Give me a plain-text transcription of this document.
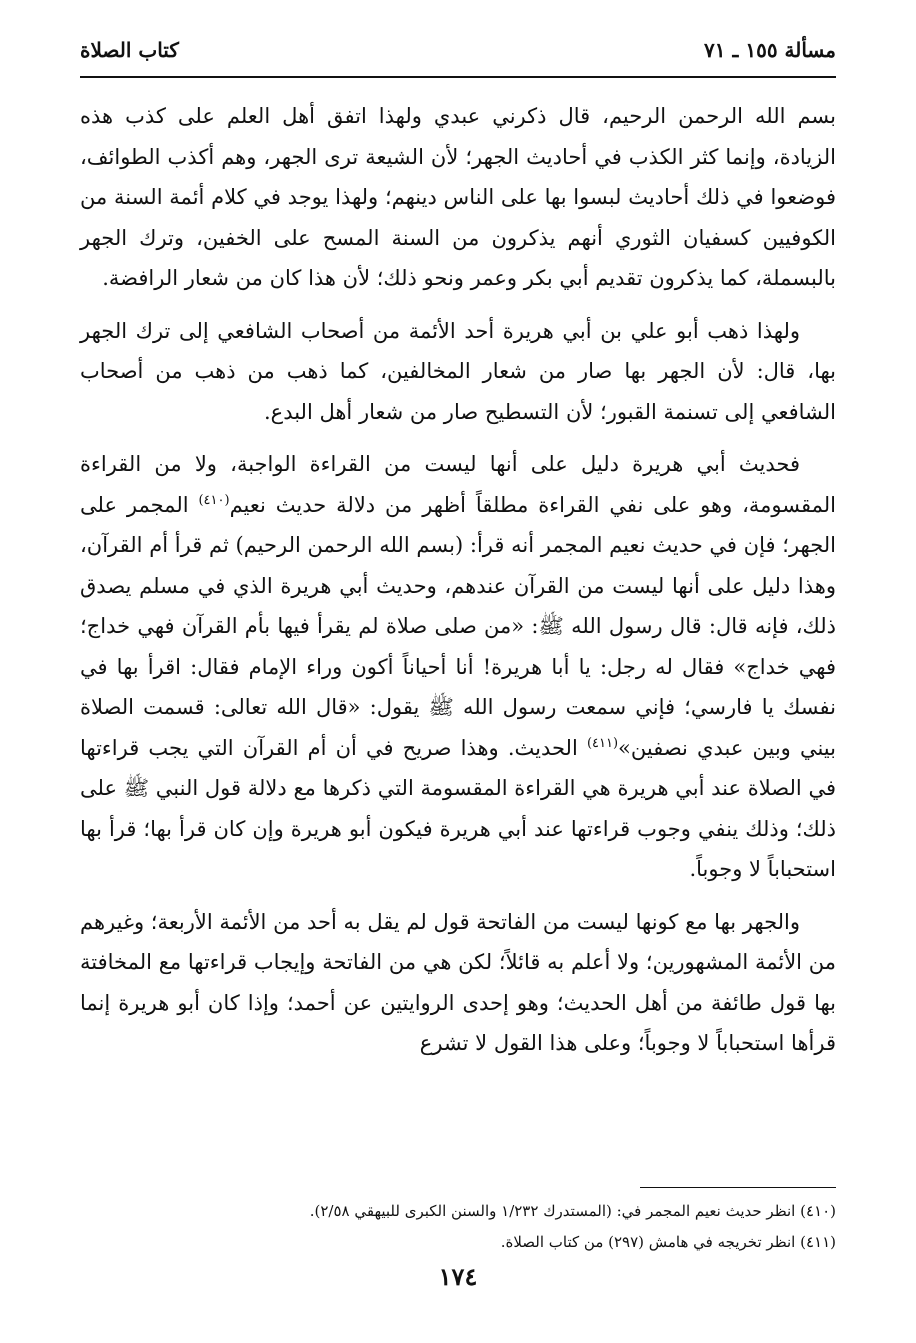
مسألة ١٥٥ ـ ٧١
كتاب الصلاة

بسم الله الرحمن الرحيم، قال ذكرني عبدي ولهذا اتفق أهل العلم على كذب هذه الزيادة، وإنما كثر الكذب في أحاديث الجهر؛ لأن الشيعة ترى الجهر، وهم أكذب الطوائف، فوضعوا في ذلك أحاديث لبسوا بها على الناس دينهم؛ ولهذا يوجد في كلام أئمة السنة من الكوفيين كسفيان الثوري أنهم يذكرون من السنة المسح على الخفين، وترك الجهر بالبسملة، كما يذكرون تقديم أبي بكر وعمر ونحو ذلك؛ لأن هذا كان من شعار الرافضة.

ولهذا ذهب أبو علي بن أبي هريرة أحد الأئمة من أصحاب الشافعي إلى ترك الجهر بها، قال: لأن الجهر بها صار من شعار المخالفين، كما ذهب من ذهب من أصحاب الشافعي إلى تسنمة القبور؛ لأن التسطيح صار من شعار أهل البدع.

فحديث أبي هريرة دليل على أنها ليست من القراءة الواجبة، ولا من القراءة المقسومة، وهو على نفي القراءة مطلقاً أظهر من دلالة حديث نعيم$^{(٤١٠)}$ المجمر على الجهر؛ فإن في حديث نعيم المجمر أنه قرأ: (بسم الله الرحمن الرحيم) ثم قرأ أم القرآن، وهذا دليل على أنها ليست من القرآن عندهم، وحديث أبي هريرة الذي في مسلم يصدق ذلك، فإنه قال: قال رسول الله ﷺ: «من صلى صلاة لم يقرأ فيها بأم القرآن فهي خداج؛ فهي خداج» فقال له رجل: يا أبا هريرة! أنا أحياناً أكون وراء الإمام فقال: اقرأ بها في نفسك يا فارسي؛ فإني سمعت رسول الله ﷺ يقول: «قال الله تعالى: قسمت الصلاة بيني وبين عبدي نصفين»$^{(٤١١)}$ الحديث. وهذا صريح في أن أم القرآن التي يجب قراءتها في الصلاة عند أبي هريرة هي القراءة المقسومة التي ذكرها مع دلالة قول النبي ﷺ على ذلك؛ وذلك ينفي وجوب قراءتها عند أبي هريرة فيكون أبو هريرة وإن كان قرأ بها؛ قرأ بها استحباباً لا وجوباً.

والجهر بها مع كونها ليست من الفاتحة قول لم يقل به أحد من الأئمة الأربعة؛ وغيرهم من الأئمة المشهورين؛ ولا أعلم به قائلاً؛ لكن هي من الفاتحة وإيجاب قراءتها مع المخافتة بها قول طائفة من أهل الحديث؛ وهو إحدى الروايتين عن أحمد؛ وإذا كان أبو هريرة إنما قرأها استحباباً لا وجوباً؛ وعلى هذا القول لا تشرع

(٤١٠) انظر حديث نعيم المجمر في: (المستدرك ١/٢٣٢ والسنن الكبرى للبيهقي ٢/٥٨).

(٤١١) انظر تخريجه في هامش (٢٩٧) من كتاب الصلاة.

١٧٤
